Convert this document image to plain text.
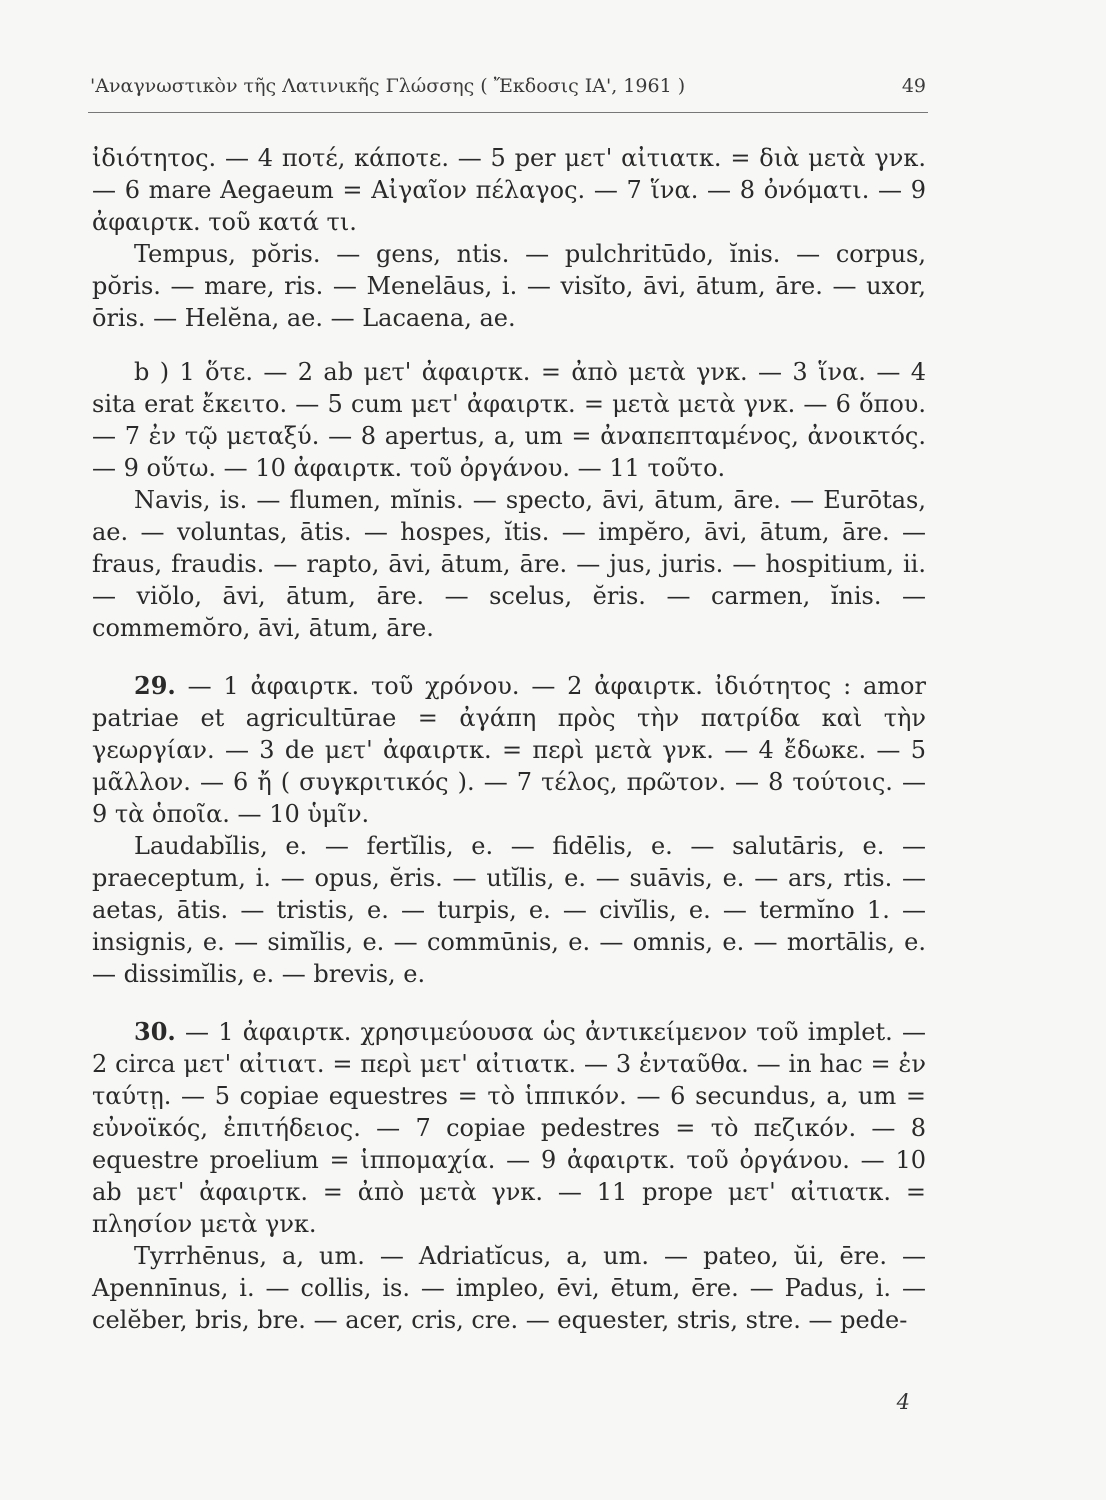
'Αναγνωστικὸν τῆς Λατινικῆς Γλώσσης ( Ἔκδοσις ΙΑ', 1961 )	49

ἰδιότητος. — 4 ποτέ, κάποτε. — 5 per μετ' αἰτιατκ. = διὰ μετὰ γνκ. — 6 mare Aegaeum = Αἰγαῖον πέλαγος. — 7 ἵνα. — 8 ὀνόματι. — 9 ἀφαιρτκ. τοῦ κατά τι.

Tempus, pŏris. — gens, ntis. — pulchritūdo, ĭnis. — corpus, pŏris. — mare, ris. — Menelāus, i. — visĭto, āvi, ātum, āre. — uxor, ōris. — Helĕna, ae. — Lacaena, ae.

b ) 1 ὅτε. — 2 ab μετ' ἀφαιρτκ. = ἀπὸ μετὰ γνκ. — 3 ἵνα. — 4 sita erat ἔκειτο. — 5 cum μετ' ἀφαιρτκ. = μετὰ μετὰ γνκ. — 6 ὅπου. — 7 ἐν τῷ μεταξύ. — 8 apertus, a, um = ἀναπεπταμένος, ἀνοικτός. — 9 οὕτω. — 10 ἀφαιρτκ. τοῦ ὀργάνου. — 11 τοῦτο.

Navis, is. — flumen, mĭnis. — specto, āvi, ātum, āre. — Eurōtas, ae. — voluntas, ātis. — hospes, ĭtis. — impĕro, āvi, ātum, āre. — fraus, fraudis. — rapto, āvi, ātum, āre. — jus, juris. — hospitium, ii. — viŏlo, āvi, ātum, āre. — scelus, ĕris. — carmen, ĭnis. — commemŏro, āvi, ātum, āre.

29. — 1 ἀφαιρτκ. τοῦ χρόνου. — 2 ἀφαιρτκ. ἰδιότητος : amor patriae et agricultūrae = ἀγάπη πρὸς τὴν πατρίδα καὶ τὴν γεωργίαν. — 3 de μετ' ἀφαιρτκ. = περὶ μετὰ γνκ. — 4 ἔδωκε. — 5 μᾶλλον. — 6 ἤ ( συγκριτικός ). — 7 τέλος, πρῶτον. — 8 τούτοις. — 9 τὰ ὁποῖα. — 10 ὑμῖν.

Laudabĭlis, e. — fertĭlis, e. — fidēlis, e. — salutāris, e. — praeceptum, i. — opus, ĕris. — utĭlis, e. — suāvis, e. — ars, rtis. — aetas, ātis. — tristis, e. — turpis, e. — civĭlis, e. — termĭno 1. — insignis, e. — simĭlis, e. — commūnis, e. — omnis, e. — mortālis, e. — dissimĭlis, e. — brevis, e.

30. — 1 ἀφαιρτκ. χρησιμεύουσα ὡς ἀντικείμενον τοῦ implet. — 2 circa μετ' αἰτιατ. = περὶ μετ' αἰτιατκ. — 3 ἐνταῦθα. — in hac = ἐν ταύτῃ. — 5 copiae equestres = τὸ ἱππικόν. — 6 secundus, a, um = εὐνοϊκός, ἐπιτήδειος. — 7 copiae pedestres = τὸ πεζικόν. — 8 equestre proelium = ἱππομαχία. — 9 ἀφαιρτκ. τοῦ ὀργάνου. — 10 ab μετ' ἀφαιρτκ. = ἀπὸ μετὰ γνκ. — 11 prope μετ' αἰτιατκ. = πλησίον μετὰ γνκ.

Tyrrhēnus, a, um. — Adriatĭcus, a, um. — pateo, ŭi, ēre. — Apennīnus, i. — collis, is. — impleo, ēvi, ētum, ēre. — Padus, i. — celĕber, bris, bre. — acer, cris, cre. — equester, stris, stre. — pede-

4
